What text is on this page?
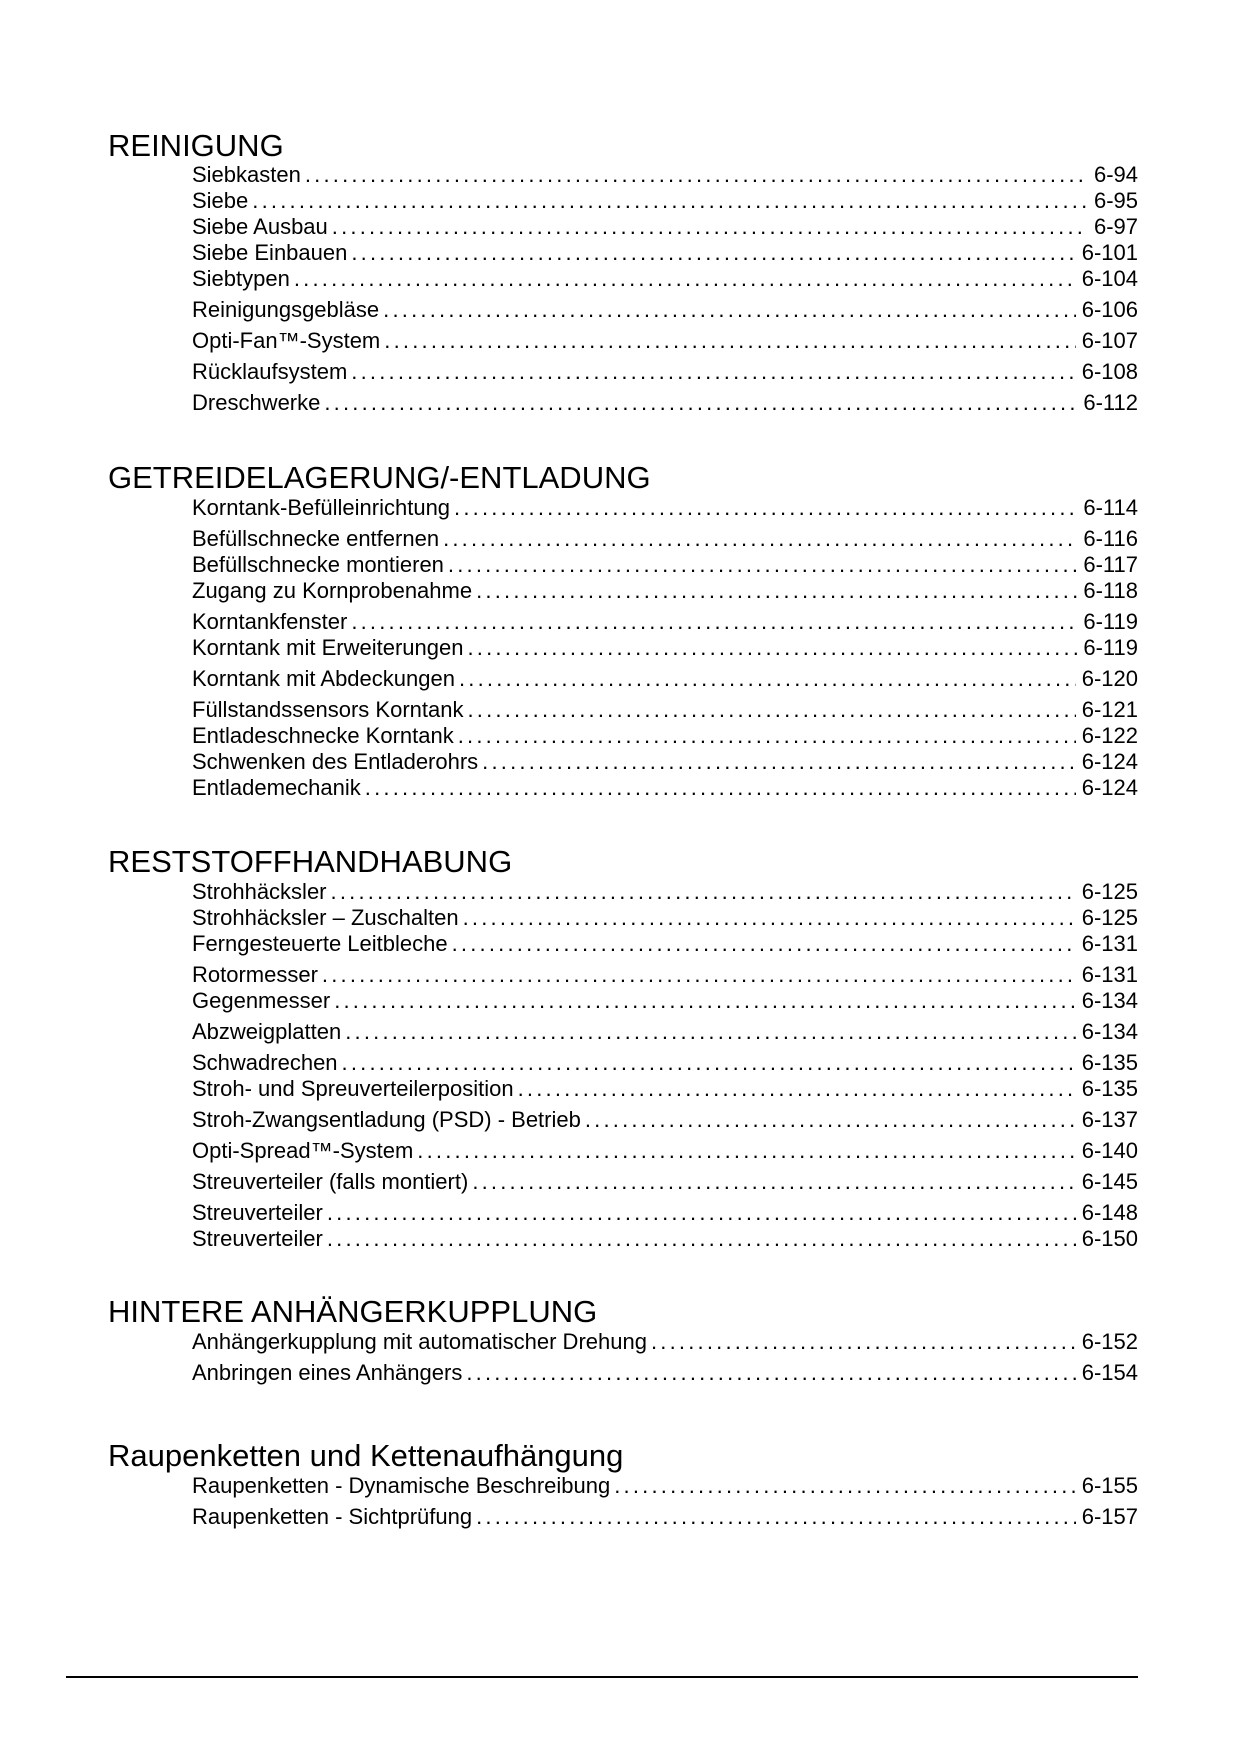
REINIGUNG
Siebkasten .....	6-94
Siebe .....	6-95
Siebe Ausbau .....	6-97
Siebe Einbauen .....	6-101
Siebtypen .....	6-104
Reinigungsgebläse .....	6-106
Opti-Fan™-System .....	6-107
Rücklaufsystem .....	6-108
Dreschwerke .....	6-112
GETREIDELAGERUNG/-ENTLADUNG
Korntank-Befülleinrichtung .....	6-114
Befüllschnecke entfernen .....	6-116
Befüllschnecke montieren .....	6-117
Zugang zu Kornprobenahme .....	6-118
Korntankfenster .....	6-119
Korntank mit Erweiterungen .....	6-119
Korntank mit Abdeckungen .....	6-120
Füllstandssensors Korntank .....	6-121
Entladeschnecke Korntank .....	6-122
Schwenken des Entladerohrs .....	6-124
Entlademechanik .....	6-124
RESTSTOFFHANDHABUNG
Strohhäcksler .....	6-125
Strohhäcksler – Zuschalten .....	6-125
Ferngesteuerte Leitbleche .....	6-131
Rotormesser .....	6-131
Gegenmesser .....	6-134
Abzweigplatten .....	6-134
Schwadrechen .....	6-135
Stroh- und Spreuverteilerposition .....	6-135
Stroh-Zwangsentladung (PSD) - Betrieb .....	6-137
Opti-Spread™-System .....	6-140
Streuverteiler (falls montiert) .....	6-145
Streuverteiler .....	6-148
Streuverteiler .....	6-150
HINTERE ANHÄNGERKUPPLUNG
Anhängerkupplung mit automatischer Drehung .....	6-152
Anbringen eines Anhängers .....	6-154
Raupenketten und Kettenaufhängung
Raupenketten - Dynamische Beschreibung .....	6-155
Raupenketten - Sichtprüfung .....	6-157
